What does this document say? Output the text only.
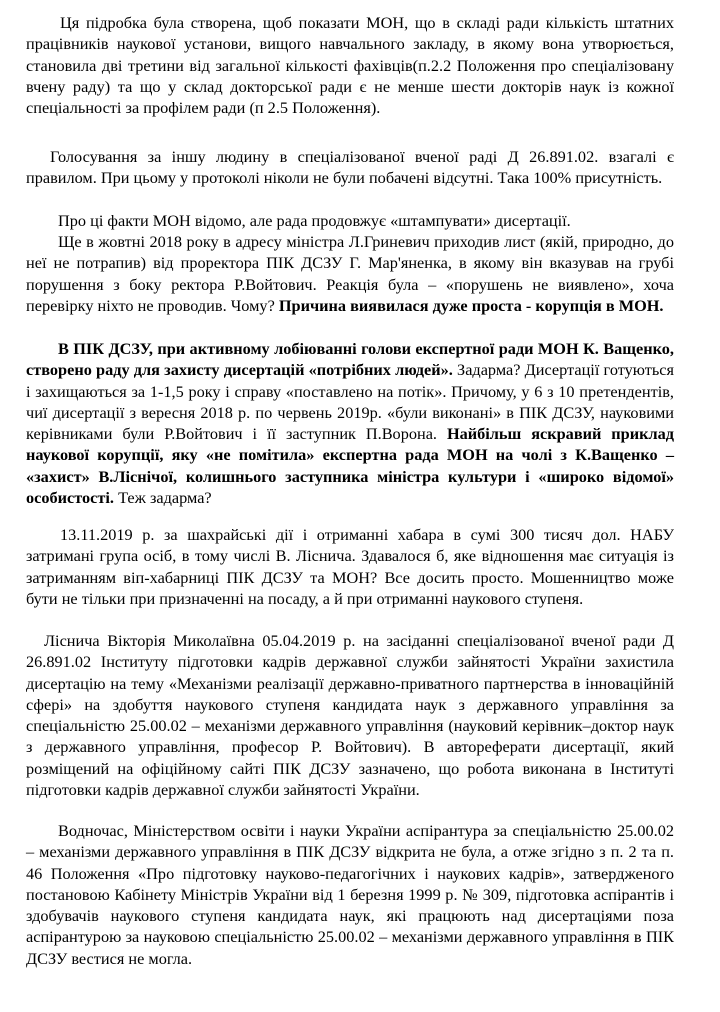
Ця підробка була створена, щоб показати МОН, що в складі ради кількість штатних працівників наукової установи, вищого навчального закладу, в якому вона утворюється, становила дві третини від загальної кількості фахівців(п.2.2 Положення про спеціалізовану вчену раду) та що у склад докторської ради є не менше шести докторів наук із кожної спеціальності за профілем ради (п 2.5 Положення).

Голосування за іншу людину в спеціалізованої вченої раді Д 26.891.02. взагалі є правилом. При цьому у протоколі ніколи не були побачені відсутні. Така 100% присутність.

Про ці факти МОН відомо, але рада продовжує «штампувати» дисертації.

Ще в жовтні 2018 року в адресу міністра Л.Гриневич приходив лист (якій, природно, до неї не потрапив) від проректора ПІК ДСЗУ Г. Мар'яненка, в якому він вказував на грубі порушення з боку ректора Р.Войтович. Реакція була – «порушень не виявлено», хоча перевірку ніхто не проводив. Чому? Причина виявилася дуже проста - корупція в МОН.

В ПІК ДСЗУ, при активному лобіюванні голови експертної ради МОН К. Ващенко, створено раду для захисту дисертацій «потрібних людей». Задарма? Дисертації готуються і захищаються за 1-1,5 року і справу «поставлено на потік». Причому, у 6 з 10 претендентів, чиї дисертації з вересня 2018 р. по червень 2019р. «були виконані» в ПІК ДСЗУ, науковими керівниками були Р.Войтович і її заступник П.Ворона. Найбільш яскравий приклад наукової корупції, яку «не помітила» експертна рада МОН на чолі з К.Ващенко – «захист» В.Ліснічої, колишнього заступника міністра культури і «широко відомої» особистості. Теж задарма?

13.11.2019 р. за шахрайські дії і отриманні хабара в сумі 300 тисяч дол. НАБУ затримані група осіб, в тому числі В. Ліснича. Здавалося б, яке відношення має ситуація із затриманням віп-хабарниці ПІК ДСЗУ та МОН? Все досить просто. Мошенництво може бути не тільки при призначенні на посаду, а й при отриманні наукового ступеня.

Ліснича Вікторія Миколаївна 05.04.2019 р. на засіданні спеціалізованої вченої ради Д 26.891.02 Інституту підготовки кадрів державної служби зайнятості України захистила дисертацію на тему «Механізми реалізації державно-приватного партнерства в інноваційній сфері» на здобуття наукового ступеня кандидата наук з державного управління за спеціальністю 25.00.02 – механізми державного управління (науковий керівник–доктор наук з державного управління, професор Р. Войтович). В автореферати дисертації, який розміщений на офіційному сайті ПІК ДСЗУ зазначено, що робота виконана в Інституті підготовки кадрів державної служби зайнятості України.

Водночас, Міністерством освіти і науки України аспірантура за спеціальністю 25.00.02 – механізми державного управління в ПІК ДСЗУ відкрита не була, а отже згідно з п. 2 та п. 46 Положення «Про підготовку науково-педагогічних і наукових кадрів», затвердженого постановою Кабінету Міністрів України від 1 березня 1999 р. № 309, підготовка аспірантів і здобувачів наукового ступеня кандидата наук, які працюють над дисертаціями поза аспірантурою за науковою спеціальністю 25.00.02 – механізми державного управління в ПІК ДСЗУ вестися не могла.
